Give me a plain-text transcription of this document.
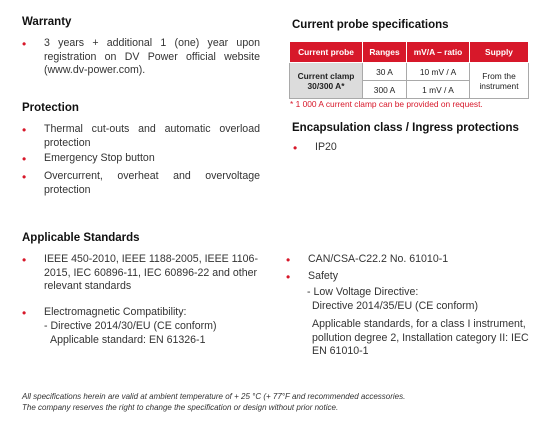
Warranty
• 3 years + additional 1 (one) year upon registration on DV Power official website (www.dv-power.com).
Protection
• Thermal cut-outs and automatic overload protection
• Emergency Stop button
• Overcurrent, overheat and overvoltage protection
Current probe specifications
Current probe	Ranges	mV/A – ratio	Supply
Current clamp 30/300 A*	30 A	10 mV / A	From the instrument
	300 A	1 mV / A	
* 1 000 A current clamp can be provided on request.
Encapsulation class / Ingress protections
• IP20
Applicable Standards
• IEEE 450-2010, IEEE 1188-2005, IEEE 1106-2015, IEC 60896-11, IEC 60896-22 and other relevant standards
• Electromagnetic Compatibility:
- Directive 2014/30/EU (CE conform)
Applicable standard: EN 61326-1
• CAN/CSA-C22.2 No. 61010-1
• Safety
- Low Voltage Directive:
Directive 2014/35/EU (CE conform)
Applicable standards, for a class I instrument, pollution degree 2, Installation category II: IEC EN 61010-1
All specifications herein are valid at ambient temperature of + 25 °C (+ 77°F and recommended accessories.
The company reserves the right to change the specification or design without prior notice.
